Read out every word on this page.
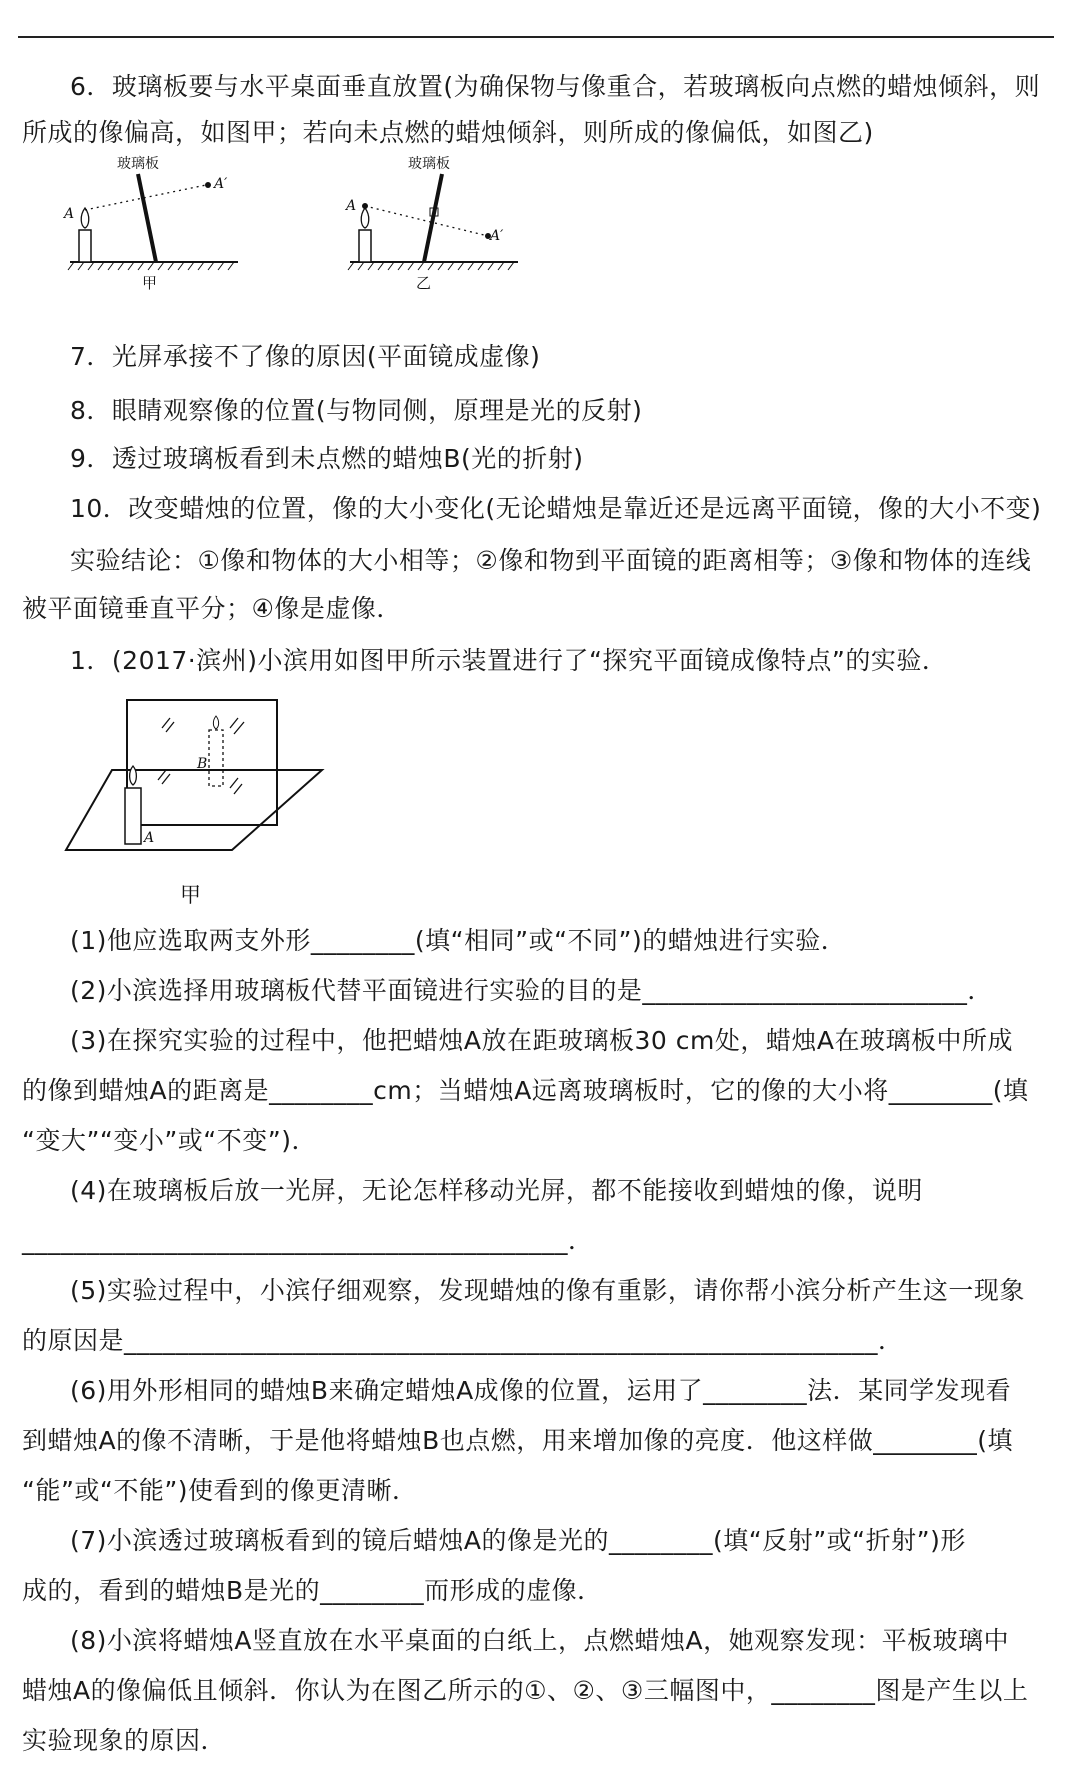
6．玻璃板要与水平桌面垂直放置(为确保物与像重合，若玻璃板向点燃的蜡烛倾斜，则
所成的像偏高，如图甲；若向未点燃的蜡烛倾斜，则所成的像偏低，如图乙)
玻璃板
A
A′
甲
玻璃板
A
A′
乙
7．光屏承接不了像的原因(平面镜成虚像)
8．眼睛观察像的位置(与物同侧，原理是光的反射)
9．透过玻璃板看到未点燃的蜡烛B(光的折射)
10．改变蜡烛的位置，像的大小变化(无论蜡烛是靠近还是远离平面镜，像的大小不变)
实验结论：①像和物体的大小相等；②像和物到平面镜的距离相等；③像和物体的连线
被平面镜垂直平分；④像是虚像．
1．(2017·滨州)小滨用如图甲所示装置进行了“探究平面镜成像特点”的实验．
A
B
甲
(1)他应选取两支外形________(填“相同”或“不同”)的蜡烛进行实验．
(2)小滨选择用玻璃板代替平面镜进行实验的目的是_________________________．
(3)在探究实验的过程中，他把蜡烛A放在距玻璃板30 cm处，蜡烛A在玻璃板中所成
的像到蜡烛A的距离是________cm；当蜡烛A远离玻璃板时，它的像的大小将________(填
“变大”“变小”或“不变”)．
(4)在玻璃板后放一光屏，无论怎样移动光屏，都不能接收到蜡烛的像，说明
__________________________________________．
(5)实验过程中，小滨仔细观察，发现蜡烛的像有重影，请你帮小滨分析产生这一现象
的原因是__________________________________________________________．
(6)用外形相同的蜡烛B来确定蜡烛A成像的位置，运用了________法．某同学发现看
到蜡烛A的像不清晰，于是他将蜡烛B也点燃，用来增加像的亮度．他这样做________(填
“能”或“不能”)使看到的像更清晰．
(7)小滨透过玻璃板看到的镜后蜡烛A的像是光的________(填“反射”或“折射”)形
成的，看到的蜡烛B是光的________而形成的虚像．
(8)小滨将蜡烛A竖直放在水平桌面的白纸上，点燃蜡烛A，她观察发现：平板玻璃中
蜡烛A的像偏低且倾斜．你认为在图乙所示的①、②、③三幅图中，________图是产生以上
实验现象的原因．
